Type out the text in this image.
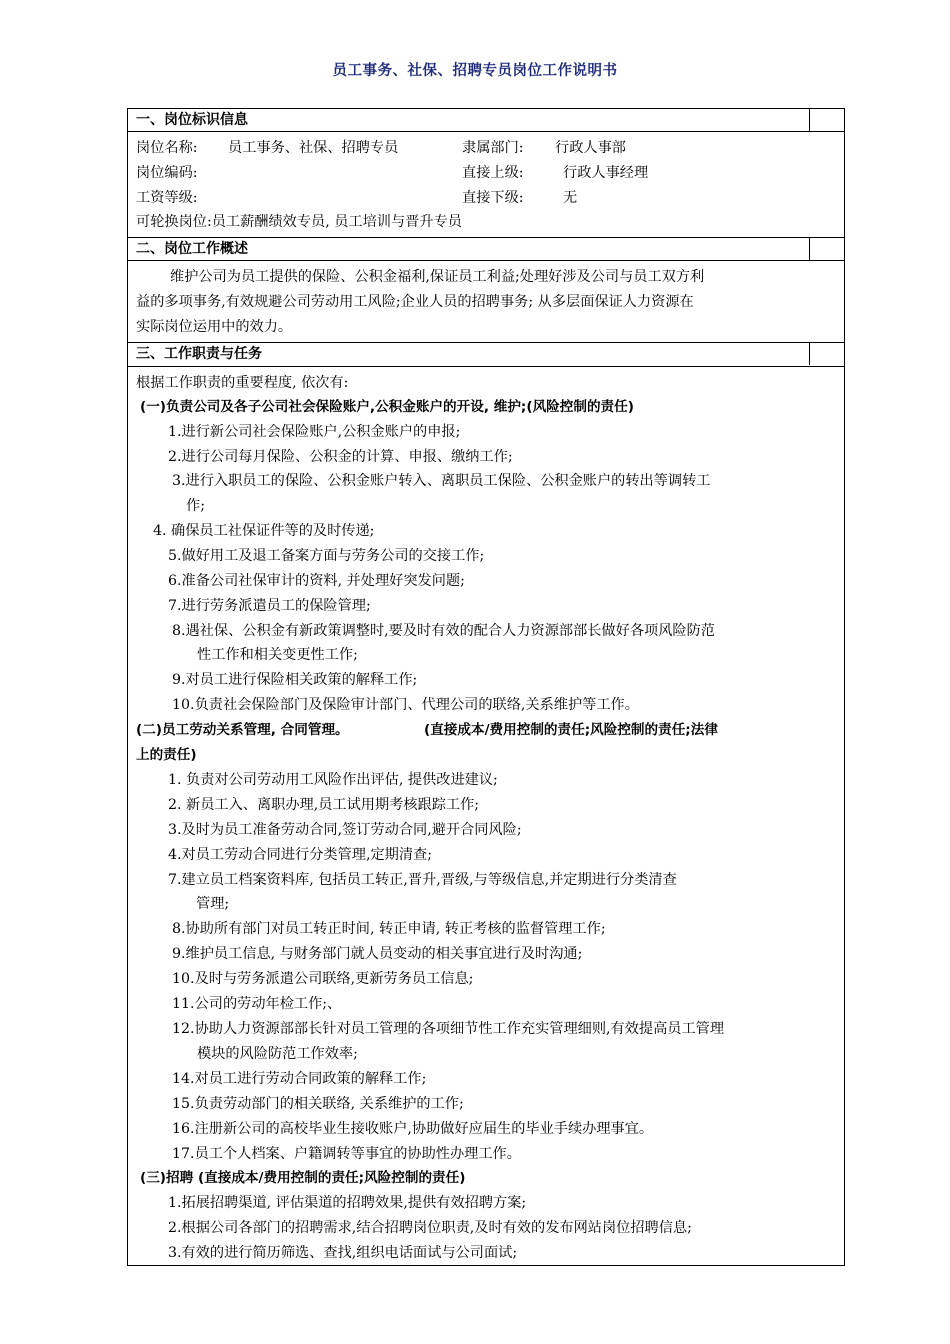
员工事务、社保、招聘专员岗位工作说明书
一、岗位标识信息
岗位名称: 员工事务、社保、招聘专员	隶属部门: 行政人事部
岗位编码:	直接上级:	行政人事经理
工资等级:	直接下级:	无
可轮换岗位:员工薪酬绩效专员, 员工培训与晋升专员
二、岗位工作概述
维护公司为员工提供的保险、公积金福利,保证员工利益;处理好涉及公司与员工双方利
益的多项事务,有效规避公司劳动用工风险;企业人员的招聘事务; 从多层面保证人力资源在
实际岗位运用中的效力。
三、工作职责与任务
根据工作职责的重要程度, 依次有:
(一)负责公司及各子公司社会保险账户,公积金账户的开设, 维护;(风险控制的责任)
1.进行新公司社会保险账户,公积金账户的申报;
2.进行公司每月保险、公积金的计算、申报、缴纳工作;
3.进行入职员工的保险、公积金账户转入、离职员工保险、公积金账户的转出等调转工
作;
4. 确保员工社保证件等的及时传递;
5.做好用工及退工备案方面与劳务公司的交接工作;
6.准备公司社保审计的资料, 并处理好突发问题;
7.进行劳务派遣员工的保险管理;
8.遇社保、公积金有新政策调整时,要及时有效的配合人力资源部部长做好各项风险防范
性工作和相关变更性工作;
9.对员工进行保险相关政策的解释工作;
10.负责社会保险部门及保险审计部门、代理公司的联络,关系维护等工作。
(二)员工劳动关系管理, 合同管理。	(直接成本/费用控制的责任;风险控制的责任;法律
上的责任)
1. 负责对公司劳动用工风险作出评估, 提供改进建议;
2. 新员工入、离职办理,员工试用期考核跟踪工作;
3.及时为员工准备劳动合同,签订劳动合同,避开合同风险;
4.对员工劳动合同进行分类管理,定期清查;
7.建立员工档案资料库, 包括员工转正,晋升,晋级,与等级信息,并定期进行分类清查
管理;
8.协助所有部门对员工转正时间, 转正申请, 转正考核的监督管理工作;
9.维护员工信息, 与财务部门就人员变动的相关事宜进行及时沟通;
10.及时与劳务派遣公司联络,更新劳务员工信息;
11.公司的劳动年检工作;、
12.协助人力资源部部长针对员工管理的各项细节性工作充实管理细则,有效提高员工管理
模块的风险防范工作效率;
14.对员工进行劳动合同政策的解释工作;
15.负责劳动部门的相关联络, 关系维护的工作;
16.注册新公司的高校毕业生接收账户,协助做好应届生的毕业手续办理事宜。
17.员工个人档案、户籍调转等事宜的协助性办理工作。
(三)招聘 (直接成本/费用控制的责任;风险控制的责任)
1.拓展招聘渠道, 评估渠道的招聘效果,提供有效招聘方案;
2.根据公司各部门的招聘需求,结合招聘岗位职责,及时有效的发布网站岗位招聘信息;
3.有效的进行简历筛选、查找,组织电话面试与公司面试;
